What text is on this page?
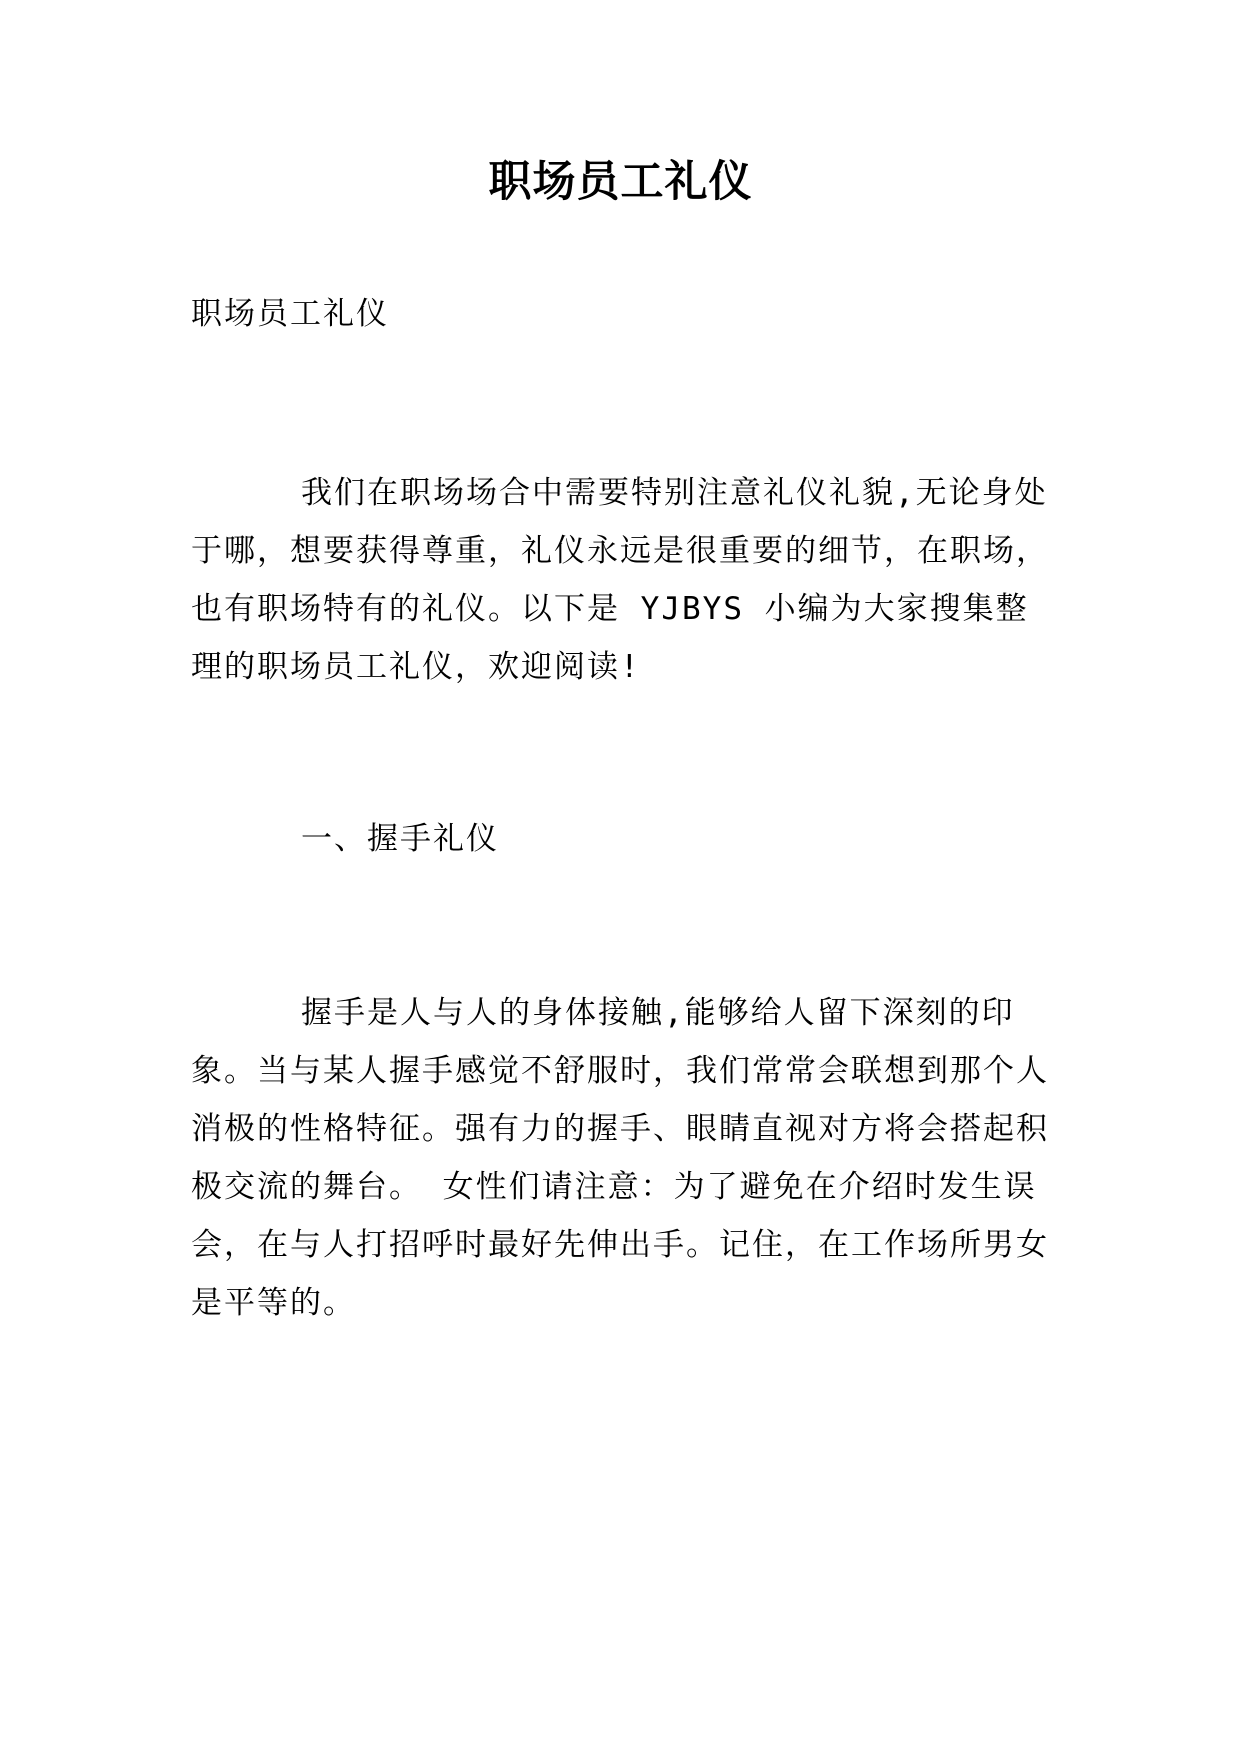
职场员工礼仪
职场员工礼仪

我们在职场场合中需要特别注意礼仪礼貌,无论身处于哪，想要获得尊重，礼仪永远是很重要的细节，在职场，也有职场特有的礼仪。以下是 YJBYS 小编为大家搜集整理的职场员工礼仪，欢迎阅读!

一、握手礼仪

握手是人与人的身体接触,能够给人留下深刻的印象。当与某人握手感觉不舒服时，我们常常会联想到那个人消极的性格特征。强有力的握手、眼睛直视对方将会搭起积极交流的舞台。 女性们请注意：为了避免在介绍时发生误会，在与人打招呼时最好先伸出手。记住，在工作场所男女是平等的。
